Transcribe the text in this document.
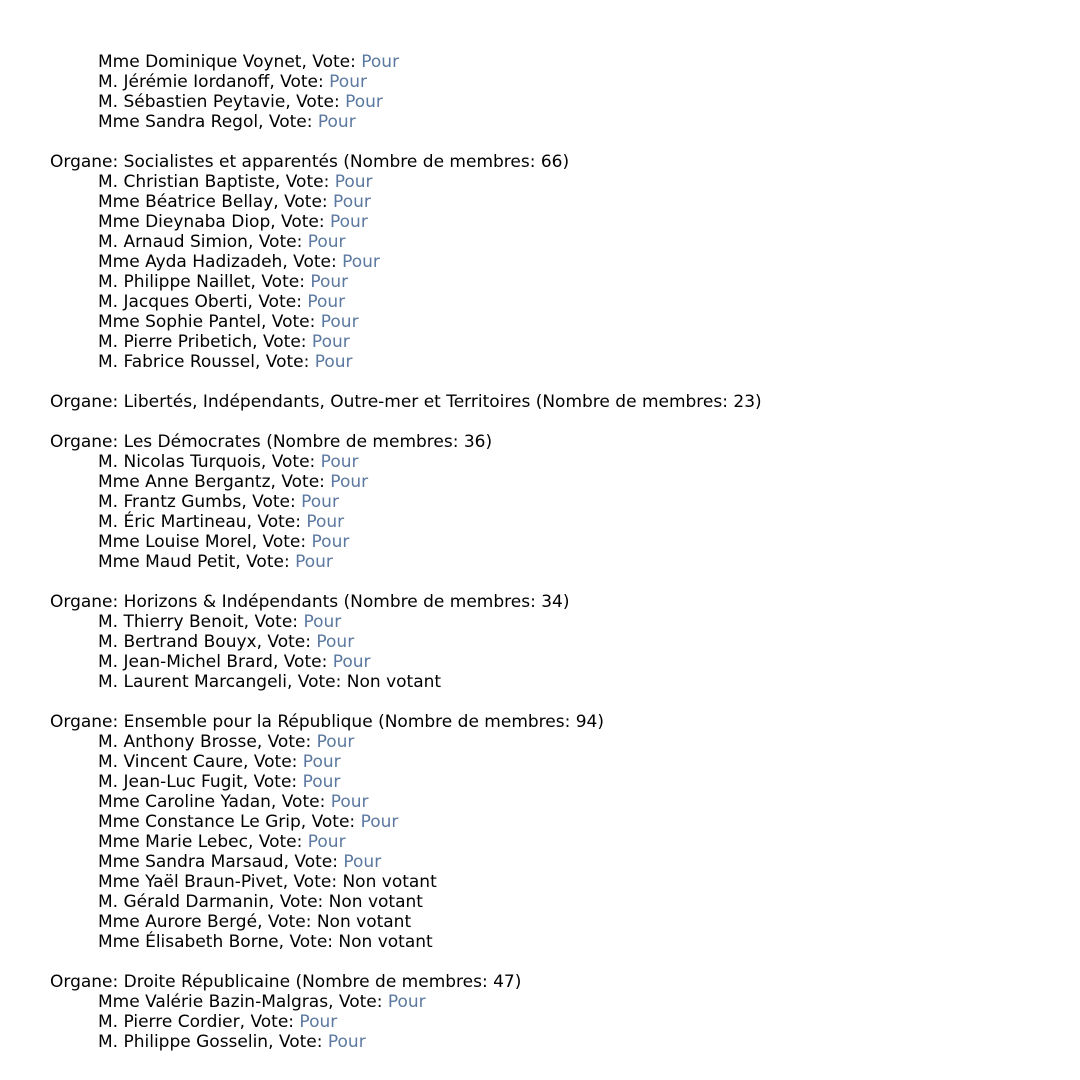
Mme Dominique Voynet, Vote: Pour
M. Jérémie Iordanoff, Vote: Pour
M. Sébastien Peytavie, Vote: Pour
Mme Sandra Regol, Vote: Pour
Organe: Socialistes et apparentés (Nombre de membres: 66)
M. Christian Baptiste, Vote: Pour
Mme Béatrice Bellay, Vote: Pour
Mme Dieynaba Diop, Vote: Pour
M. Arnaud Simion, Vote: Pour
Mme Ayda Hadizadeh, Vote: Pour
M. Philippe Naillet, Vote: Pour
M. Jacques Oberti, Vote: Pour
Mme Sophie Pantel, Vote: Pour
M. Pierre Pribetich, Vote: Pour
M. Fabrice Roussel, Vote: Pour
Organe: Libertés, Indépendants, Outre-mer et Territoires (Nombre de membres: 23)
Organe: Les Démocrates (Nombre de membres: 36)
M. Nicolas Turquois, Vote: Pour
Mme Anne Bergantz, Vote: Pour
M. Frantz Gumbs, Vote: Pour
M. Éric Martineau, Vote: Pour
Mme Louise Morel, Vote: Pour
Mme Maud Petit, Vote: Pour
Organe: Horizons & Indépendants (Nombre de membres: 34)
M. Thierry Benoit, Vote: Pour
M. Bertrand Bouyx, Vote: Pour
M. Jean-Michel Brard, Vote: Pour
M. Laurent Marcangeli, Vote: Non votant
Organe: Ensemble pour la République (Nombre de membres: 94)
M. Anthony Brosse, Vote: Pour
M. Vincent Caure, Vote: Pour
M. Jean-Luc Fugit, Vote: Pour
Mme Caroline Yadan, Vote: Pour
Mme Constance Le Grip, Vote: Pour
Mme Marie Lebec, Vote: Pour
Mme Sandra Marsaud, Vote: Pour
Mme Yaël Braun-Pivet, Vote: Non votant
M. Gérald Darmanin, Vote: Non votant
Mme Aurore Bergé, Vote: Non votant
Mme Élisabeth Borne, Vote: Non votant
Organe: Droite Républicaine (Nombre de membres: 47)
Mme Valérie Bazin-Malgras, Vote: Pour
M. Pierre Cordier, Vote: Pour
M. Philippe Gosselin, Vote: Pour
